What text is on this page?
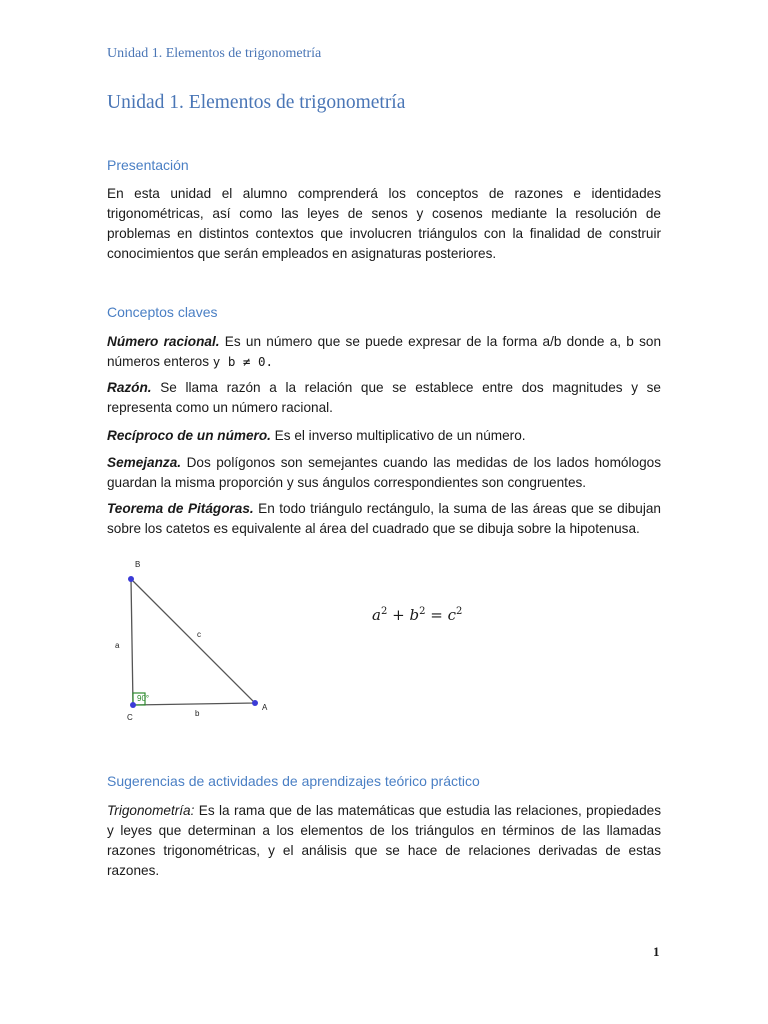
Unidad 1. Elementos de trigonometría
Unidad 1. Elementos de trigonometría
Presentación

En esta unidad el alumno comprenderá los conceptos de razones e identidades trigonométricas, así como las leyes de senos y cosenos mediante la resolución de problemas en distintos contextos que involucren triángulos con la finalidad de construir conocimientos que serán empleados en asignaturas posteriores.

Conceptos claves

Número racional. Es un número que se puede expresar de la forma a/b donde a, b son números enteros y b ≠ 0.

Razón. Se llama razón a la relación que se establece entre dos magnitudes y se representa como un número racional.

Recíproco de un número. Es el inverso multiplicativo de un número.

Semejanza. Dos polígonos son semejantes cuando las medidas de los lados homólogos guardan la misma proporción y sus ángulos correspondientes son congruentes.

Teorema de Pitágoras. En todo triángulo rectángulo, la suma de las áreas que se dibujan sobre los catetos es equivalente al área del cuadrado que se dibuja sobre la hipotenusa.

90°
B
C
A
a
b
c
$a^2 + b^2 = c^2$
Sugerencias de actividades de aprendizajes teórico práctico

Trigonometría: Es la rama que de las matemáticas que estudia las relaciones, propiedades y leyes que determinan a los elementos de los triángulos en términos de las llamadas razones trigonométricas, y el análisis que se hace de relaciones derivadas de estas razones.

1
